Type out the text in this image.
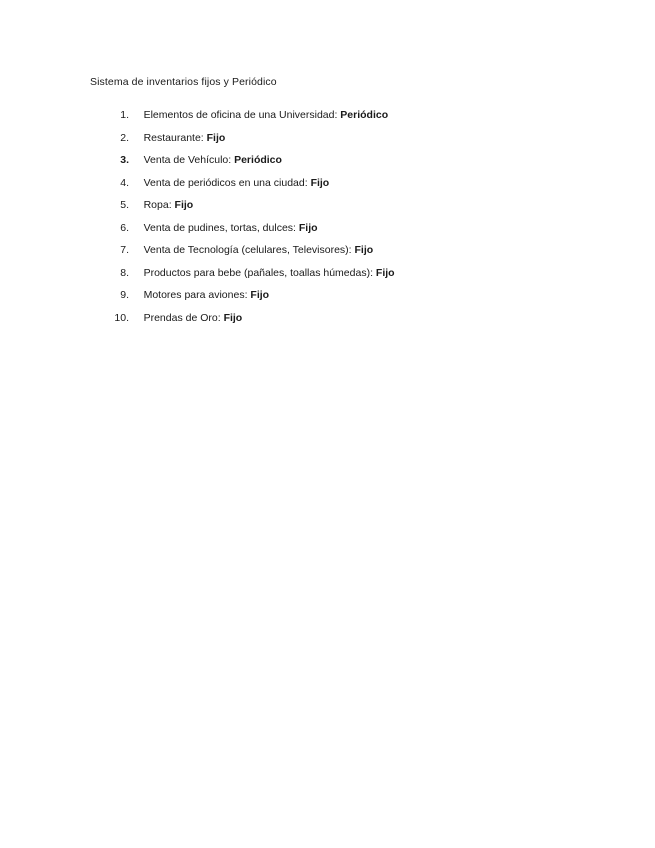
Sistema de inventarios fijos y Periódico
1. Elementos de oficina de una Universidad: Periódico
2. Restaurante: Fijo
3. Venta de Vehículo: Periódico
4. Venta de periódicos en una ciudad: Fijo
5. Ropa: Fijo
6. Venta de pudines, tortas, dulces: Fijo
7. Venta de Tecnología (celulares, Televisores): Fijo
8. Productos para bebe (pañales, toallas húmedas): Fijo
9. Motores para aviones: Fijo
10. Prendas de Oro: Fijo
